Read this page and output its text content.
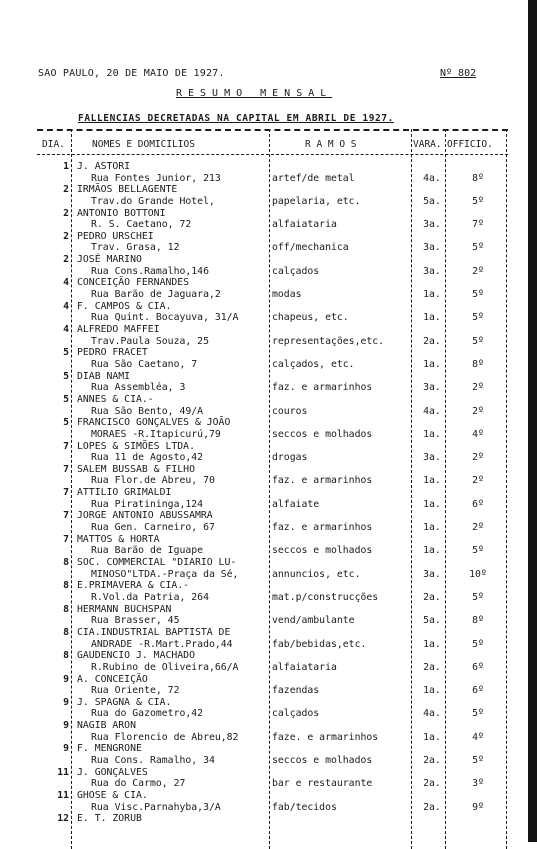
SAO PAULO, 20 DE MAIO DE 1927.	Nº 802
RESUMO MENSAL
FALLENCIAS DECRETADAS NA CAPITAL EM ABRIL DE 1927.
DIA.	NOMES E DOMICILIOS	R A M O S	VARA. OFFICIO.
1 J. ASTORI
Rua Fontes Junior, 213	artef/de metal	4a.	8º
2 IRMÃOS BELLAGENTE
Trav.do Grande Hotel,	papelaria, etc.	5a.	5º
2 ANTONIO BOTTONI
R. S. Caetano, 72	alfaiataria	3a.	7º
2 PEDRO URSCHEI
Trav. Grasa, 12	off/mechanica	3a.	5º
2 JOSÉ MARINO
Rua Cons.Ramalho,146	calçados	3a.	2º
4 CONCEIÇÃO FERNANDES
Rua Barão de Jaguara,2	modas	1a.	5º
4 F. CAMPOS & CIA.
Rua Quint. Bocayuva, 31/A	chapeus, etc.	1a.	5º
4 ALFREDO MAFFEI
Trav.Paula Souza, 25	representações,etc.	2a.	5º
5 PEDRO FRACET
Rua São Caetano, 7	calçados, etc.	1a.	8º
5 DIAB NAMI
Rua Assembléa, 3	faz. e armarinhos	3a.	2º
5 ANNES & CIA.-
Rua São Bento, 49/A	couros	4a.	2º
5 FRANCISCO GONÇALVES & JOÃO
MORAES -R.Itapicurú,79	seccos e molhados	1a.	4º
7 LOPES & SIMÕES LTDA.
Rua 11 de Agosto,42	drogas	3a.	2º
7 SALEM BUSSAB & FILHO
Rua Flor.de Abreu, 70	faz. e armarinhos	1a.	2º
7 ATTILIO GRIMALDI
Rua Piratininga,124	alfaiate	1a.	6º
7 JORGE ANTONIO ABUSSAMRA
Rua Gen. Carneiro, 67	faz. e armarinhos	1a.	2º
7 MATTOS & HORTA
Rua Barão de Iguape	seccos e molhados	1a.	5º
8 SOC. COMMERCIAL "DIARIO LU-
MINOSO"LTDA.-Praça da Sé,	annuncios, etc.	3a.	10º
8 E.PRIMAVERA & CIA.-
R.Vol.da Patria, 264	mat.p/construcções	2a.	5º
8 HERMANN BUCHSPAN
Rua Brasser, 45	vend/ambulante	5a.	8º
8 CIA.INDUSTRIAL BAPTISTA DE
ANDRADE -R.Mart.Prado,44	fab/bebidas,etc.	1a.	5º
8 GAUDENCIO J. MACHADO
R.Rubino de Oliveira,66/A	alfaiataria	2a.	6º
9 A. CONCEIÇÃO
Rua Oriente, 72	fazendas	1a.	6º
9 J. SPAGNA & CIA.
Rua do Gazometro,42	calçados	4a.	5º
9 NAGIB ARON
Rua Florencio de Abreu,82	faze. e armarinhos	1a.	4º
9 F. MENGRONE
Rua Cons. Ramalho, 34	seccos e molhados	2a.	5º
11 J. GONÇALVES
Rua do Carmo, 27	bar e restaurante	2a.	3º
11 GHOSE & CIA.
Rua Visc.Parnahyba,3/A	fab/tecidos	2a.	9º
12 E. T. ZORUB
